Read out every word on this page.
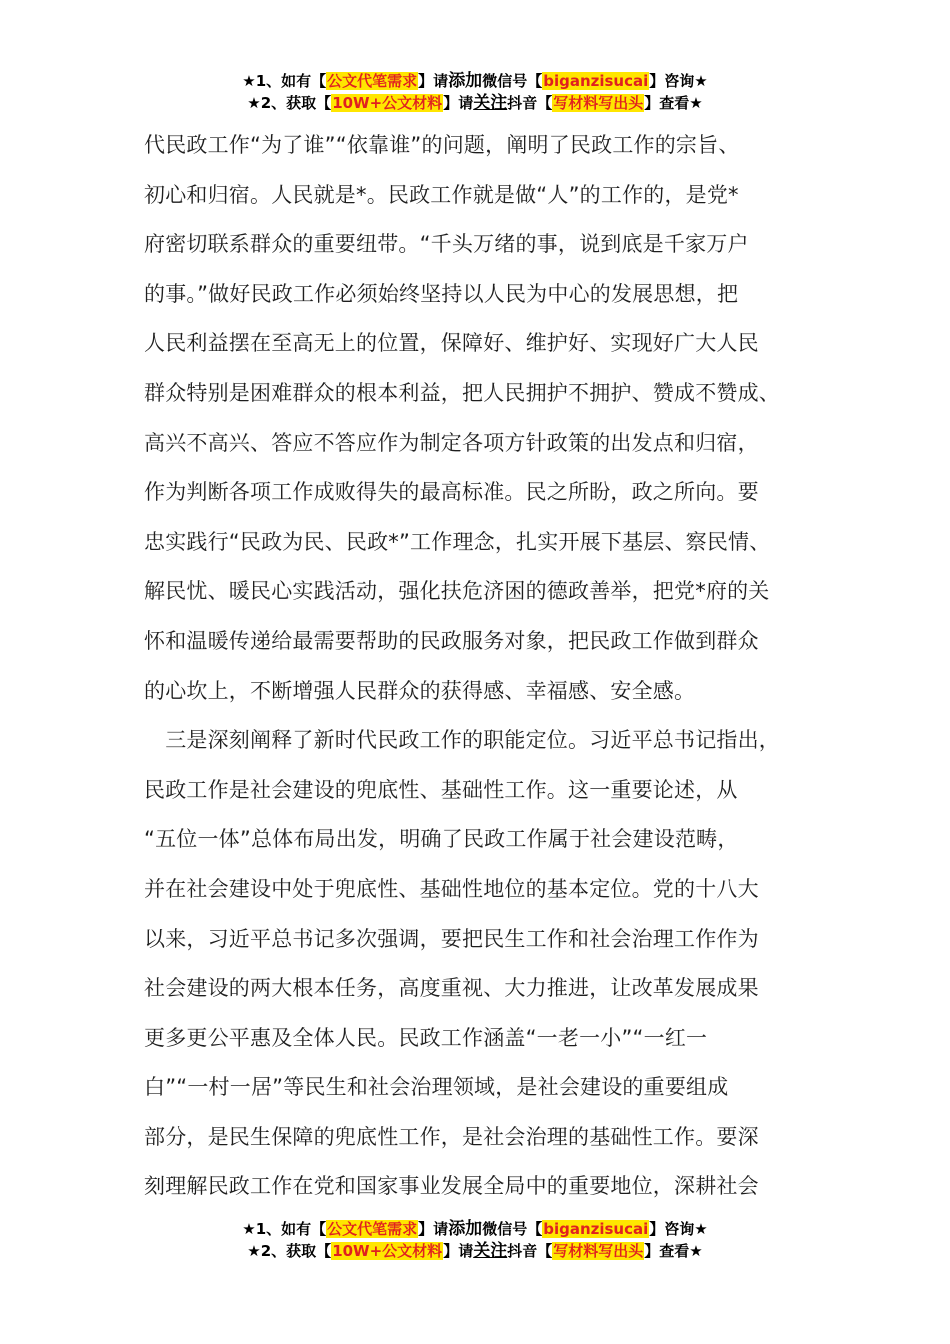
★1、如有【公文代笔需求】请添加微信号【biganzisucai】咨询★
★2、获取【10W+公文材料】请关注抖音【写材料写出头】查看★
代民政工作“为了谁”“依靠谁”的问题，阐明了民政工作的宗旨、
初心和归宿。人民就是*。民政工作就是做“人”的工作的，是党*
府密切联系群众的重要纽带。“千头万绪的事，说到底是千家万户
的事。”做好民政工作必须始终坚持以人民为中心的发展思想，把
人民利益摆在至高无上的位置，保障好、维护好、实现好广大人民
群众特别是困难群众的根本利益，把人民拥护不拥护、赞成不赞成、
高兴不高兴、答应不答应作为制定各项方针政策的出发点和归宿，
作为判断各项工作成败得失的最高标准。民之所盼，政之所向。要
忠实践行“民政为民、民政*”工作理念，扎实开展下基层、察民情、
解民忧、暖民心实践活动，强化扶危济困的德政善举，把党*府的关
怀和温暖传递给最需要帮助的民政服务对象，把民政工作做到群众
的心坎上，不断增强人民群众的获得感、幸福感、安全感。
　三是深刻阐释了新时代民政工作的职能定位。习近平总书记指出，
民政工作是社会建设的兜底性、基础性工作。这一重要论述，从
“五位一体”总体布局出发，明确了民政工作属于社会建设范畴，
并在社会建设中处于兜底性、基础性地位的基本定位。党的十八大
以来，习近平总书记多次强调，要把民生工作和社会治理工作作为
社会建设的两大根本任务，高度重视、大力推进，让改革发展成果
更多更公平惠及全体人民。民政工作涵盖“一老一小”“一红一
白”“一村一居”等民生和社会治理领域，是社会建设的重要组成
部分，是民生保障的兜底性工作，是社会治理的基础性工作。要深
刻理解民政工作在党和国家事业发展全局中的重要地位，深耕社会
★1、如有【公文代笔需求】请添加微信号【biganzisucai】咨询★
★2、获取【10W+公文材料】请关注抖音【写材料写出头】查看★
